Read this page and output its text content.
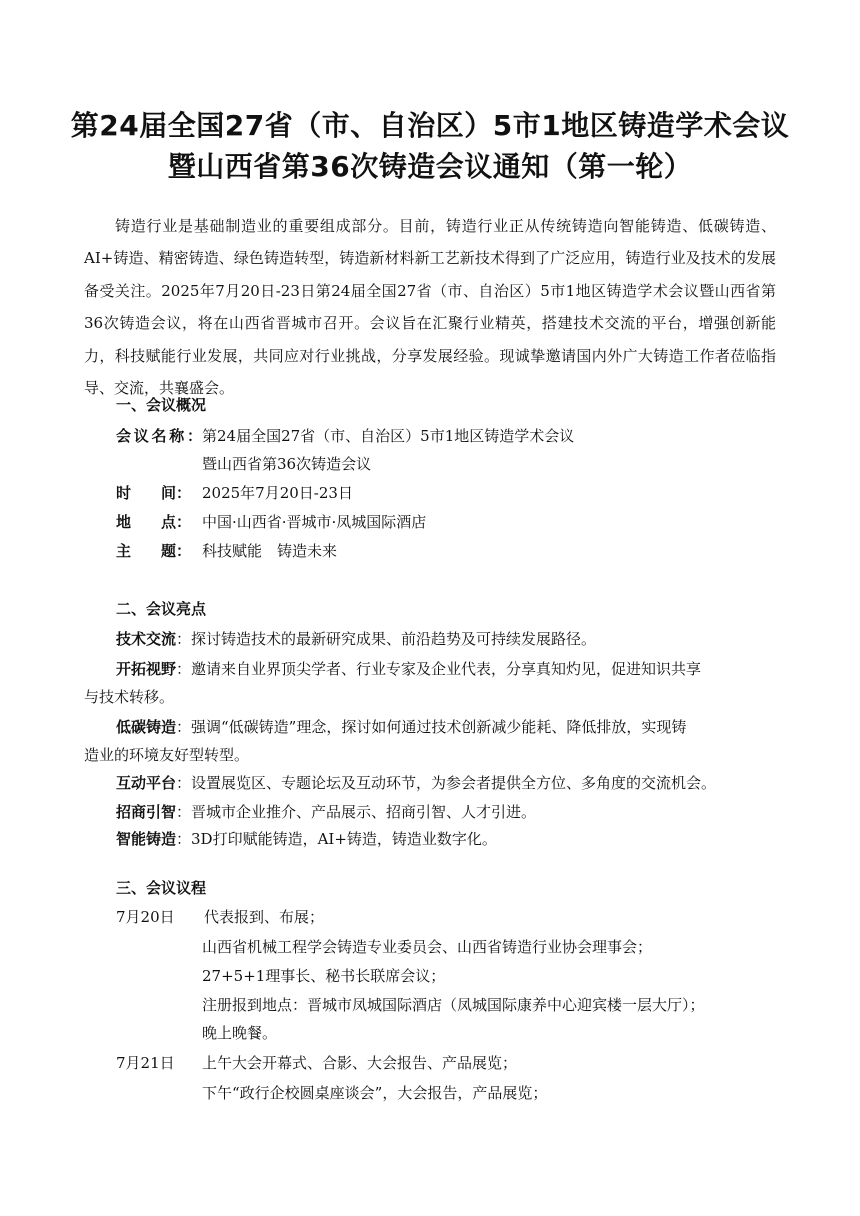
第24届全国27省（市、自治区）5市1地区铸造学术会议
暨山西省第36次铸造会议通知（第一轮）
铸造行业是基础制造业的重要组成部分。目前，铸造行业正从传统铸造向智能铸造、低碳铸造、AI+铸造、精密铸造、绿色铸造转型，铸造新材料新工艺新技术得到了广泛应用，铸造行业及技术的发展备受关注。2025年7月20日-23日第24届全国27省（市、自治区）5市1地区铸造学术会议暨山西省第36次铸造会议，将在山西省晋城市召开。会议旨在汇聚行业精英，搭建技术交流的平台，增强创新能力，科技赋能行业发展，共同应对行业挑战，分享发展经验。现诚挚邀请国内外广大铸造工作者莅临指导、交流，共襄盛会。
一、会议概况
会议名称：第24届全国27省（市、自治区）5市1地区铸造学术会议
暨山西省第36次铸造会议
时　　间： 2025年7月20日-23日
地　　点： 中国·山西省·晋城市·凤城国际酒店
主　　题： 科技赋能　铸造未来
二、会议亮点
技术交流：探讨铸造技术的最新研究成果、前沿趋势及可持续发展路径。
开拓视野：邀请来自业界顶尖学者、行业专家及企业代表，分享真知灼见，促进知识共享
与技术转移。
低碳铸造：强调“低碳铸造”理念，探讨如何通过技术创新减少能耗、降低排放，实现铸
造业的环境友好型转型。
互动平台：设置展览区、专题论坛及互动环节，为参会者提供全方位、多角度的交流机会。
招商引智：晋城市企业推介、产品展示、招商引智、人才引进。
智能铸造：3D打印赋能铸造，AI+铸造，铸造业数字化。
三、会议议程
7月20日 代表报到、布展；
山西省机械工程学会铸造专业委员会、山西省铸造行业协会理事会；
27+5+1理事长、秘书长联席会议；
注册报到地点：晋城市凤城国际酒店（凤城国际康养中心迎宾楼一层大厅）；
晚上晚餐。
7月21日 上午大会开幕式、合影、大会报告、产品展览；
下午“政行企校圆桌座谈会”，大会报告，产品展览；
